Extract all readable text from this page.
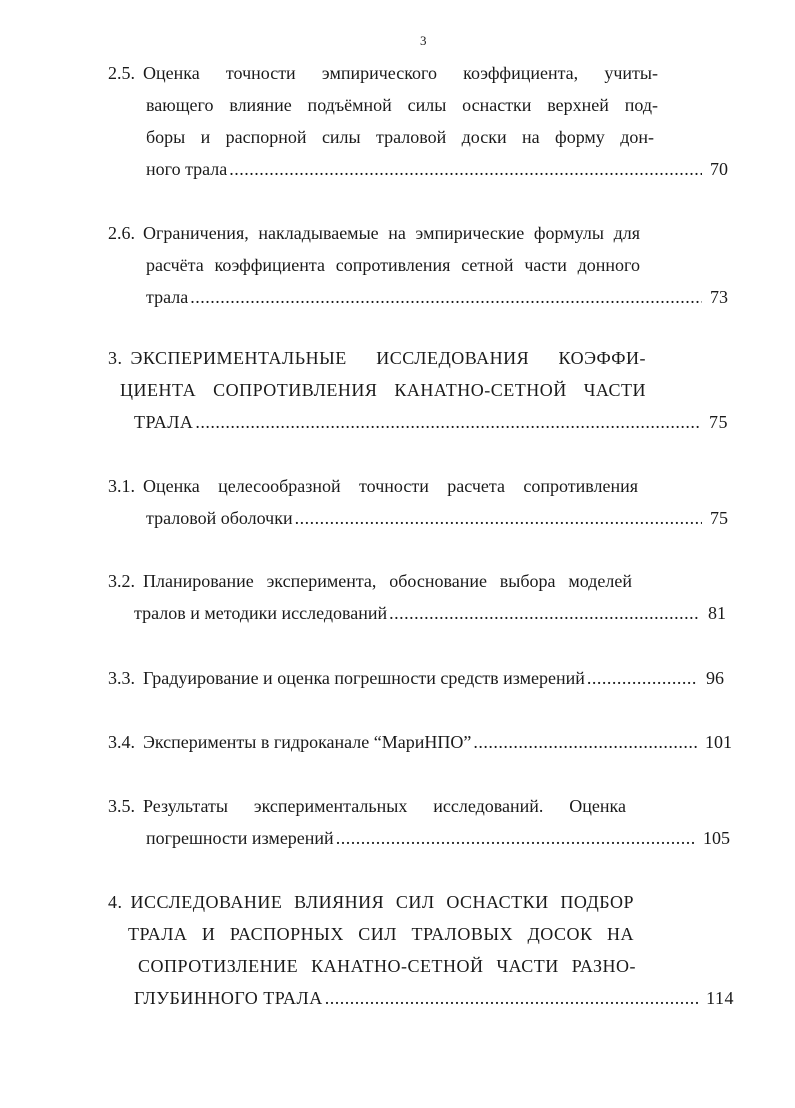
3
2.5. Оценка точности эмпирического коэффициента, учиты-
вающего влияние подъёмной силы оснастки верхней под-
боры и распорной силы траловой доски на форму дон-
ного трала .....	70
2.6. Ограничения, накладываемые на эмпирические формулы для
расчёта коэффициента сопротивления сетной части донного
трала .....	73
3. ЭКСПЕРИМЕНТАЛЬНЫЕ ИССЛЕДОВАНИЯ КОЭФФИ-
ЦИЕНТА СОПРОТИВЛЕНИЯ КАНАТНО-СЕТНОЙ ЧАСТИ
ТРАЛА .....	75
3.1. Оценка целесообразной точности расчета сопротивления
траловой оболочки .....	75
3.2. Планирование эксперимента, обоснование выбора моделей
тралов и методики исследований .....	81
3.3. Градуирование и оценка погрешности средств измерений .....	96
3.4. Эксперименты в гидроканале “МариНПО” .....	101
3.5. Результаты экспериментальных исследований. Оценка
погрешности измерений .....	105
4. ИССЛЕДОВАНИЕ ВЛИЯНИЯ СИЛ ОСНАСТКИ ПОДБОР
ТРАЛА И РАСПОРНЫХ СИЛ ТРАЛОВЫХ ДОСОК НА
СОПРОТИЗЛЕНИЕ КАНАТНО-СЕТНОЙ ЧАСТИ РАЗНО-
ГЛУБИННОГО ТРАЛА .....	114
